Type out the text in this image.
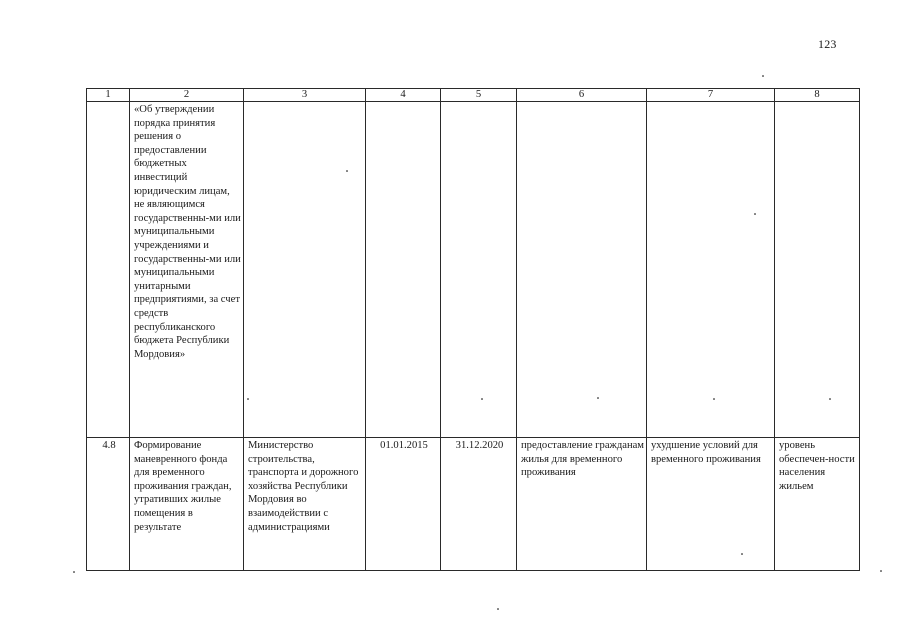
123
1	2	3	4	5	6	7	8
	«Об утверждении порядка принятия решения о предоставлении бюджетных инвестиций юридическим лицам, не являющимся государственны-ми или муниципальными учреждениями и государственны-ми или муниципальными унитарными предприятиями, за счет средств республиканского бюджета Республики Мордовия»						
4.8	Формирование маневренного фонда для временного проживания граждан, утративших жилые помещения в результате	Министерство строительства, транспорта и дорожного хозяйства Республики Мордовия во взаимодействии с администрациями	01.01.2015	31.12.2020	предоставление гражданам жилья для временного проживания	ухудшение условий для временного проживания	уровень обеспечен-ности населения жильем
